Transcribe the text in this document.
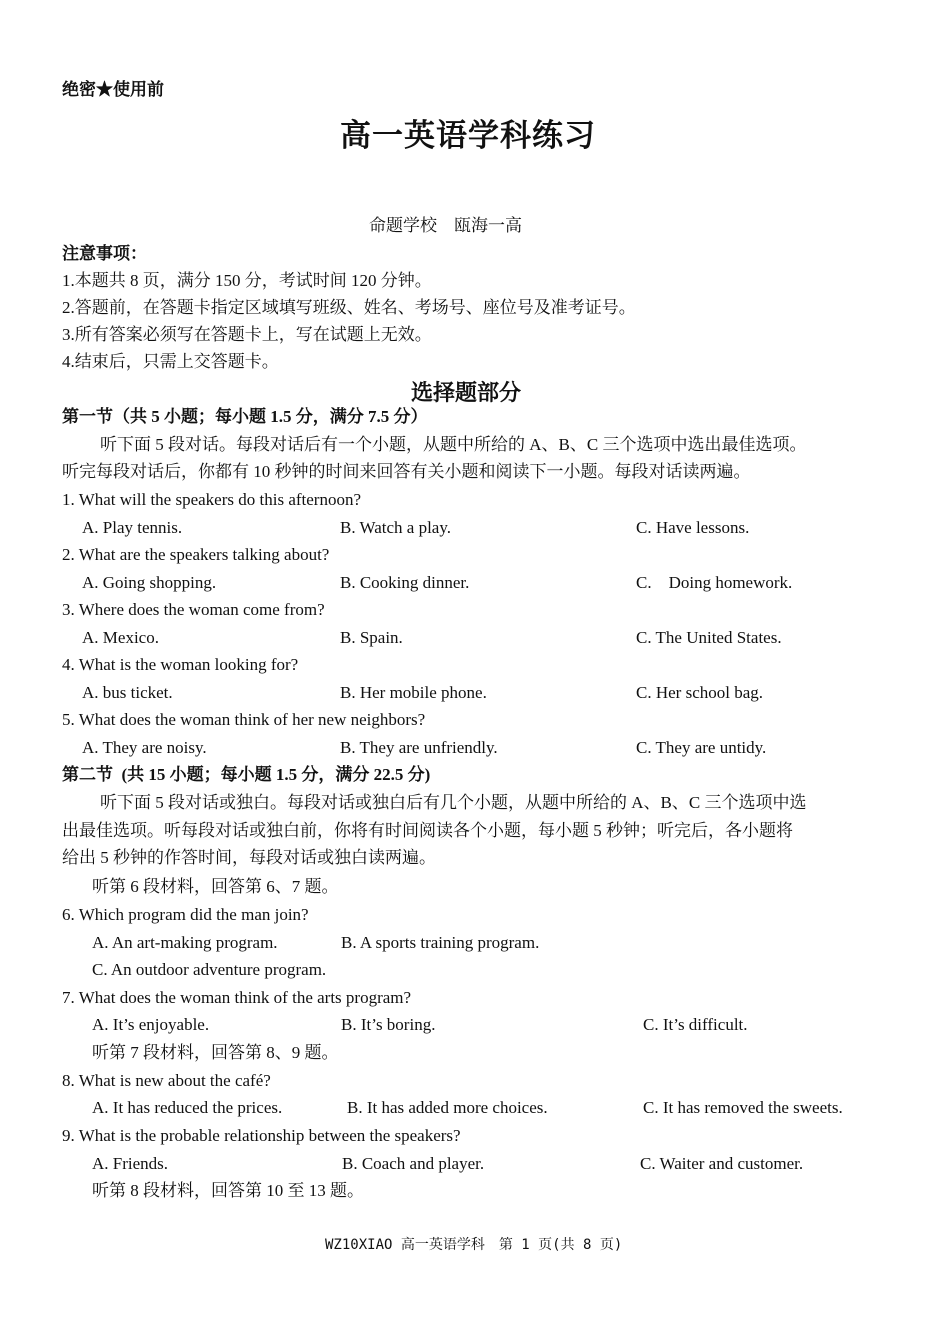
绝密★使用前
高一英语学科练习
命题学校　瓯海一高
注意事项：
1.本题共 8 页，满分 150 分，考试时间 120 分钟。
2.答题前，在答题卡指定区域填写班级、姓名、考场号、座位号及准考证号。
3.所有答案必须写在答题卡上，写在试题上无效。
4.结束后，只需上交答题卡。
选择题部分
第一节（共 5 小题；每小题 1.5 分，满分 7.5 分）
听下面 5 段对话。每段对话后有一个小题，从题中所给的 A、B、C 三个选项中选出最佳选项。
听完每段对话后，你都有 10 秒钟的时间来回答有关小题和阅读下一小题。每段对话读两遍。
1. What will the speakers do this afternoon?
A. Play tennis.	B. Watch a play.	C. Have lessons.
2. What are the speakers talking about?
A. Going shopping.	B. Cooking dinner.	C.    Doing homework.
3. Where does the woman come from?
A. Mexico.	B. Spain.	C. The United States.
4. What is the woman looking for?
A. bus ticket.	B. Her mobile phone.	C. Her school bag.
5. What does the woman think of her new neighbors?
A. They are noisy.	B. They are unfriendly.	C. They are untidy.
第二节  (共 15 小题；每小题 1.5 分，满分 22.5 分)
听下面 5 段对话或独白。每段对话或独白后有几个小题，从题中所给的 A、B、C 三个选项中选
出最佳选项。听每段对话或独白前，你将有时间阅读各个小题，每小题 5 秒钟；听完后，各小题将
给出 5 秒钟的作答时间，每段对话或独白读两遍。
听第 6 段材料，回答第 6、7 题。
6. Which program did the man join?
A. An art-making program.	B. A sports training program.
C. An outdoor adventure program.
7. What does the woman think of the arts program?
A. It’s enjoyable.	B. It’s boring.	C. It’s difficult.
听第 7 段材料，回答第 8、9 题。
8. What is new about the café?
A. It has reduced the prices.	B. It has added more choices.	C. It has removed the sweets.
9. What is the probable relationship between the speakers?
A. Friends.	B. Coach and player.	C. Waiter and customer.
听第 8 段材料，回答第 10 至 13 题。
WZ10XIAO 高一英语学科　第 1 页(共 8 页)
